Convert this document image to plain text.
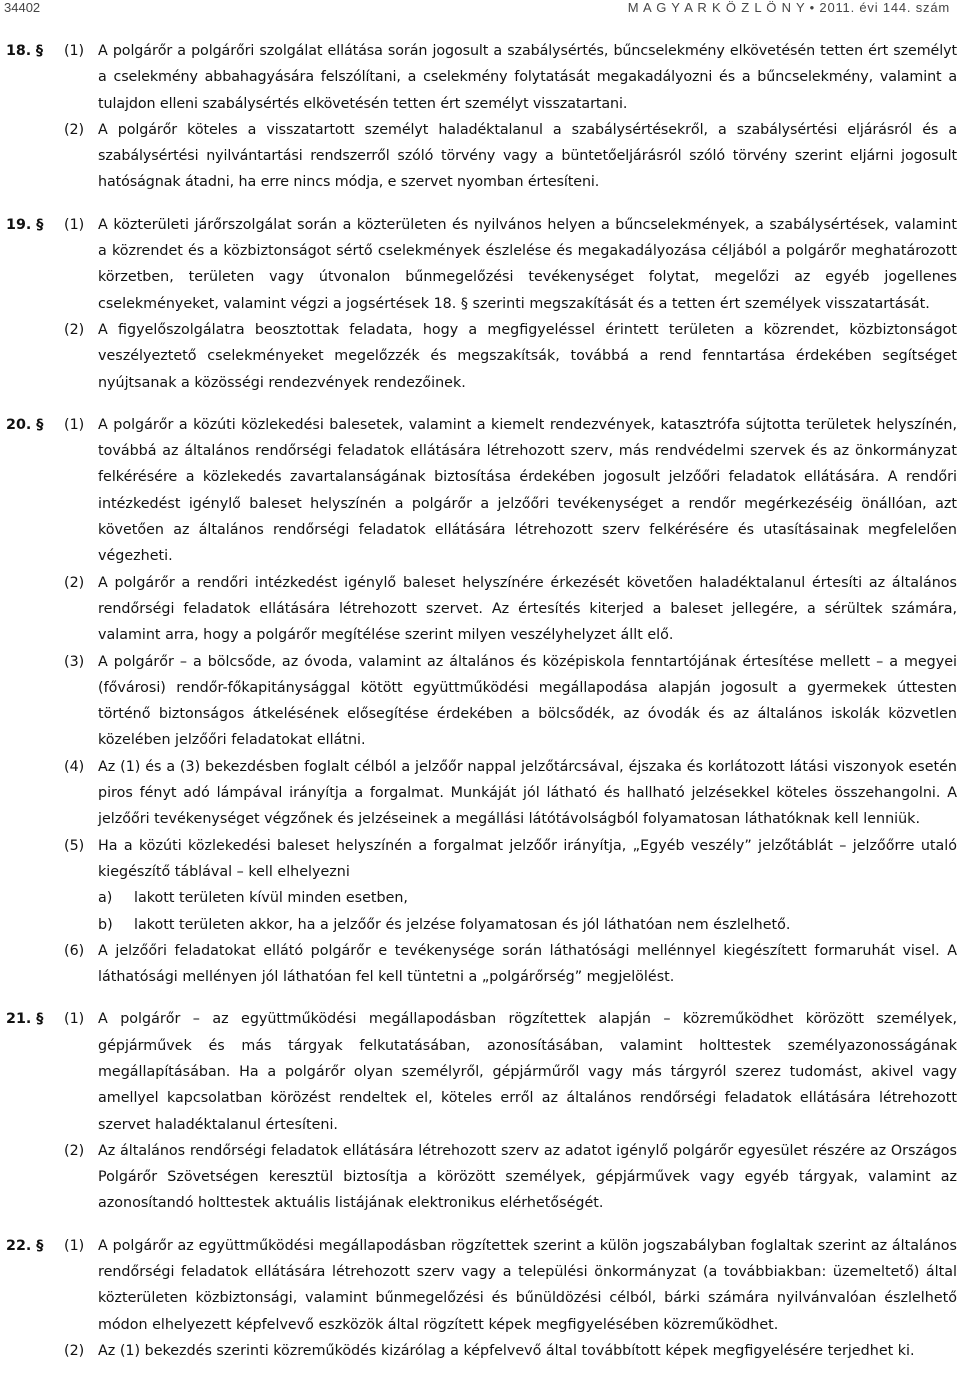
34402	M A G Y A R K Ö Z L Ö N Y • 2011. évi 144. szám
18. §	(1) A polgárőr a polgárőri szolgálat ellátása során jogosult a szabálysértés, bűncselekmény elkövetésén tetten ért személyt a cselekmény abbahagyására felszólítani, a cselekmény folytatását megakadályozni és a bűncselekmény, valamint a tulajdon elleni szabálysértés elkövetésén tetten ért személyt visszatartani.
(2) A polgárőr köteles a visszatartott személyt haladéktalanul a szabálysértésekről, a szabálysértési eljárásról és a szabálysértési nyilvántartási rendszerről szóló törvény vagy a büntetőeljárásról szóló törvény szerint eljárni jogosult hatóságnak átadni, ha erre nincs módja, e szervet nyomban értesíteni.
19. §	(1) A közterületi járőrszolgálat során a közterületen és nyilvános helyen a bűncselekmények, a szabálysértések, valamint a közrendet és a közbiztonságot sértő cselekmények észlelése és megakadályozása céljából a polgárőr meghatározott körzetben, területen vagy útvonalon bűnmegelőzési tevékenységet folytat, megelőzi az egyéb jogellenes cselekményeket, valamint végzi a jogsértések 18. § szerinti megszakítását és a tetten ért személyek visszatartását.
(2) A figyelőszolgálatra beosztottak feladata, hogy a megfigyeléssel érintett területen a közrendet, közbiztonságot veszélyeztető cselekményeket megelőzzék és megszakítsák, továbbá a rend fenntartása érdekében segítséget nyújtsanak a közösségi rendezvények rendezőinek.
20. §	(1) A polgárőr a közúti közlekedési balesetek, valamint a kiemelt rendezvények, katasztrófa sújtotta területek helyszínén, továbbá az általános rendőrségi feladatok ellátására létrehozott szerv, más rendvédelmi szervek és az önkormányzat felkérésére a közlekedés zavartalanságának biztosítása érdekében jogosult jelzőőri feladatok ellátására. A rendőri intézkedést igénylő baleset helyszínén a polgárőr a jelzőőri tevékenységet a rendőr megérkezéséig önállóan, azt követően az általános rendőrségi feladatok ellátására létrehozott szerv felkérésére és utasításainak megfelelően végezheti.
(2) A polgárőr a rendőri intézkedést igénylő baleset helyszínére érkezését követően haladéktalanul értesíti az általános rendőrségi feladatok ellátására létrehozott szervet. Az értesítés kiterjed a baleset jellegére, a sérültek számára, valamint arra, hogy a polgárőr megítélése szerint milyen veszélyhelyzet állt elő.
(3) A polgárőr – a bölcsőde, az óvoda, valamint az általános és középiskola fenntartójának értesítése mellett – a megyei (fővárosi) rendőr-főkapitánysággal kötött együttműködési megállapodása alapján jogosult a gyermekek úttesten történő biztonságos átkelésének elősegítése érdekében a bölcsődék, az óvodák és az általános iskolák közvetlen közelében jelzőőri feladatokat ellátni.
(4) Az (1) és a (3) bekezdésben foglalt célból a jelzőőr nappal jelzőtárcsával, éjszaka és korlátozott látási viszonyok esetén piros fényt adó lámpával irányítja a forgalmat. Munkáját jól látható és hallható jelzésekkel köteles összehangolni. A jelzőőri tevékenységet végzőnek és jelzéseinek a megállási látótávolságból folyamatosan láthatóknak kell lenniük.
(5) Ha a közúti közlekedési baleset helyszínén a forgalmat jelzőőr irányítja, „Egyéb veszély” jelzőtáblát – jelzőőrre utaló kiegészítő táblával – kell elhelyezni
a)	lakott területen kívül minden esetben,
b)	lakott területen akkor, ha a jelzőőr és jelzése folyamatosan és jól láthatóan nem észlelhető.
(6) A jelzőőri feladatokat ellátó polgárőr e tevékenysége során láthatósági mellénnyel kiegészített formaruhát visel. A láthatósági mellényen jól láthatóan fel kell tüntetni a „polgárőrség” megjelölést.
21. §	(1) A polgárőr – az együttműködési megállapodásban rögzítettek alapján – közreműködhet körözött személyek, gépjárművek és más tárgyak felkutatásában, azonosításában, valamint holttestek személyazonosságának megállapításában. Ha a polgárőr olyan személyről, gépjárműről vagy más tárgyról szerez tudomást, akivel vagy amellyel kapcsolatban körözést rendeltek el, köteles erről az általános rendőrségi feladatok ellátására létrehozott szervet haladéktalanul értesíteni.
(2) Az általános rendőrségi feladatok ellátására létrehozott szerv az adatot igénylő polgárőr egyesület részére az Országos Polgárőr Szövetségen keresztül biztosítja a körözött személyek, gépjárművek vagy egyéb tárgyak, valamint az azonosítandó holttestek aktuális listájának elektronikus elérhetőségét.
22. §	(1) A polgárőr az együttműködési megállapodásban rögzítettek szerint a külön jogszabályban foglaltak szerint az általános rendőrségi feladatok ellátására létrehozott szerv vagy a települési önkormányzat (a továbbiakban: üzemeltető) által közterületen közbiztonsági, valamint bűnmegelőzési és bűnüldözési célból, bárki számára nyilvánvalóan észlelhető módon elhelyezett képfelvevő eszközök által rögzített képek megfigyelésében közreműködhet.
(2) Az (1) bekezdés szerinti közreműködés kizárólag a képfelvevő által továbbított képek megfigyelésére terjedhet ki.
